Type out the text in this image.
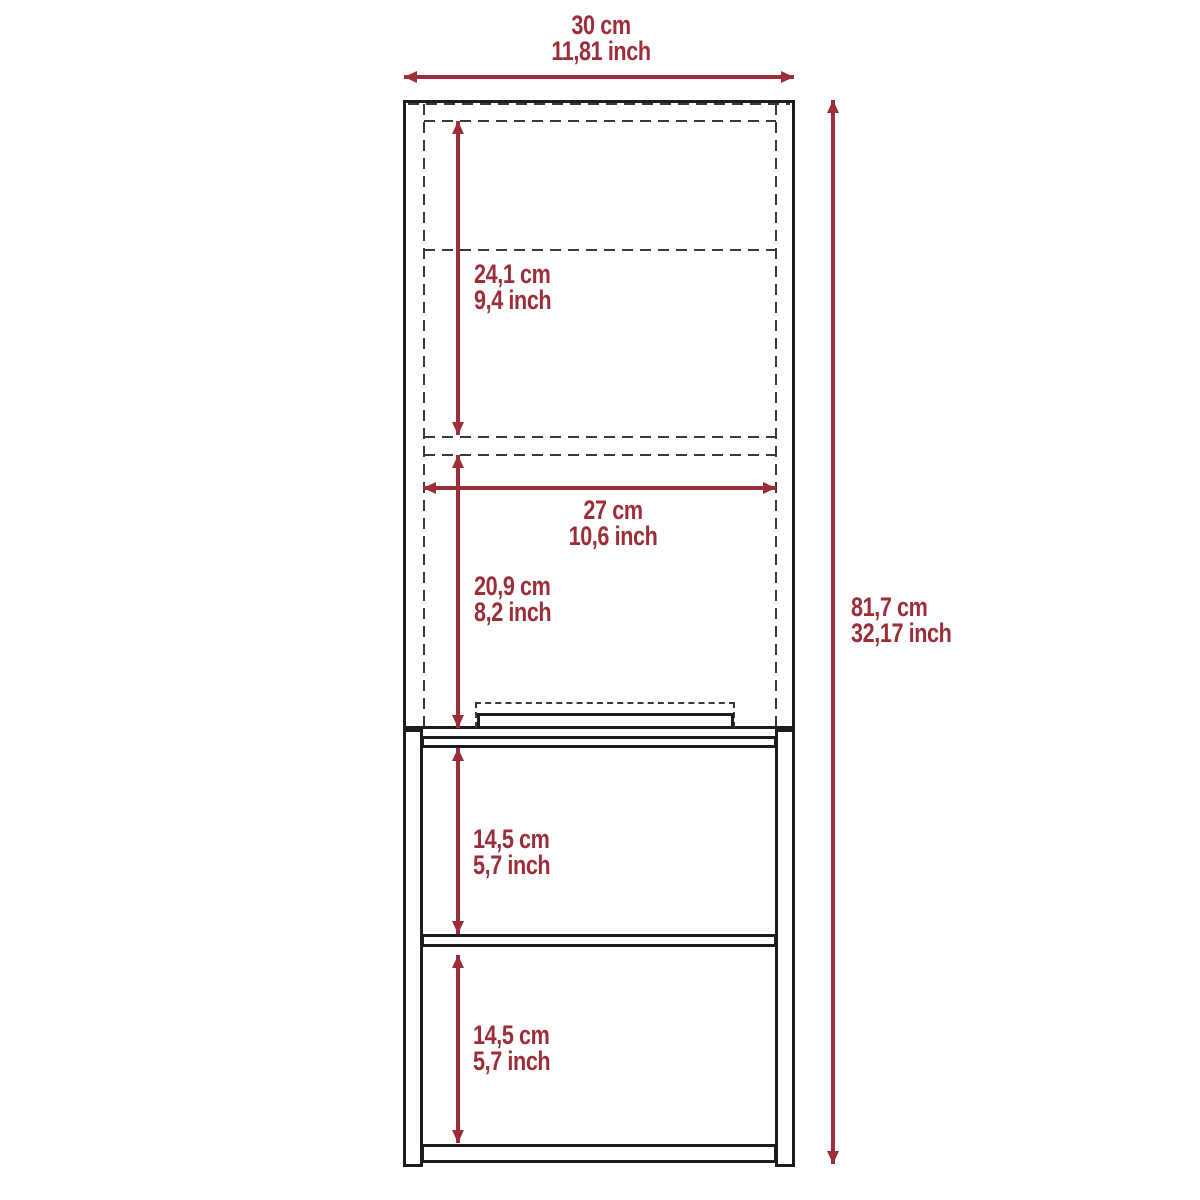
30 cm
11,81 inch
81,7 cm
32,17 inch
24,1 cm
9,4 inch
27 cm
10,6 inch
20,9 cm
8,2 inch
14,5 cm
5,7 inch
14,5 cm
5,7 inch
